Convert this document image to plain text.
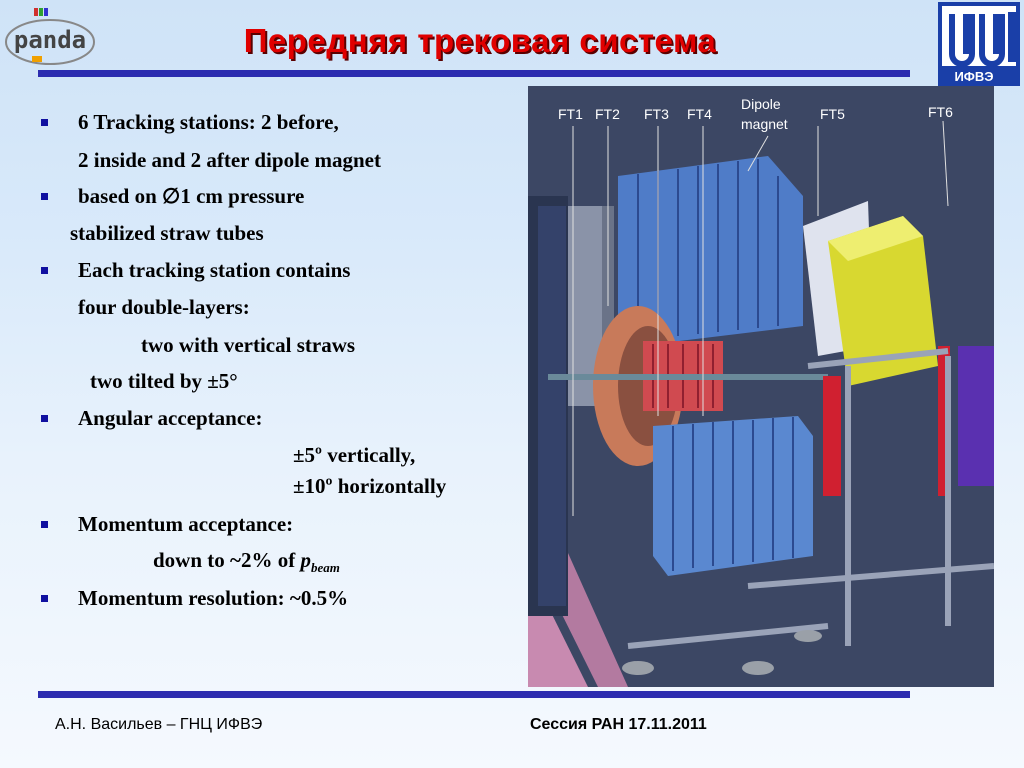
panda	Передняя трековая система
ИФВЭ
6 Tracking stations: 2 before,
2 inside and 2 after dipole magnet
based on ∅1 cm pressure
stabilized straw tubes
Each tracking station contains
four double-layers:
two with vertical straws
two tilted by ±5°
Angular acceptance:
±5º vertically,
±10º horizontally
Momentum acceptance:
down to ~2% of $p_{beam}$
Momentum resolution: ~0.5%
FT1 FT2 FT3 FT4
Dipole
magnet
FT5	FT6
А.Н. Васильев – ГНЦ ИФВЭ	Сессия РАН 17.11.2011
